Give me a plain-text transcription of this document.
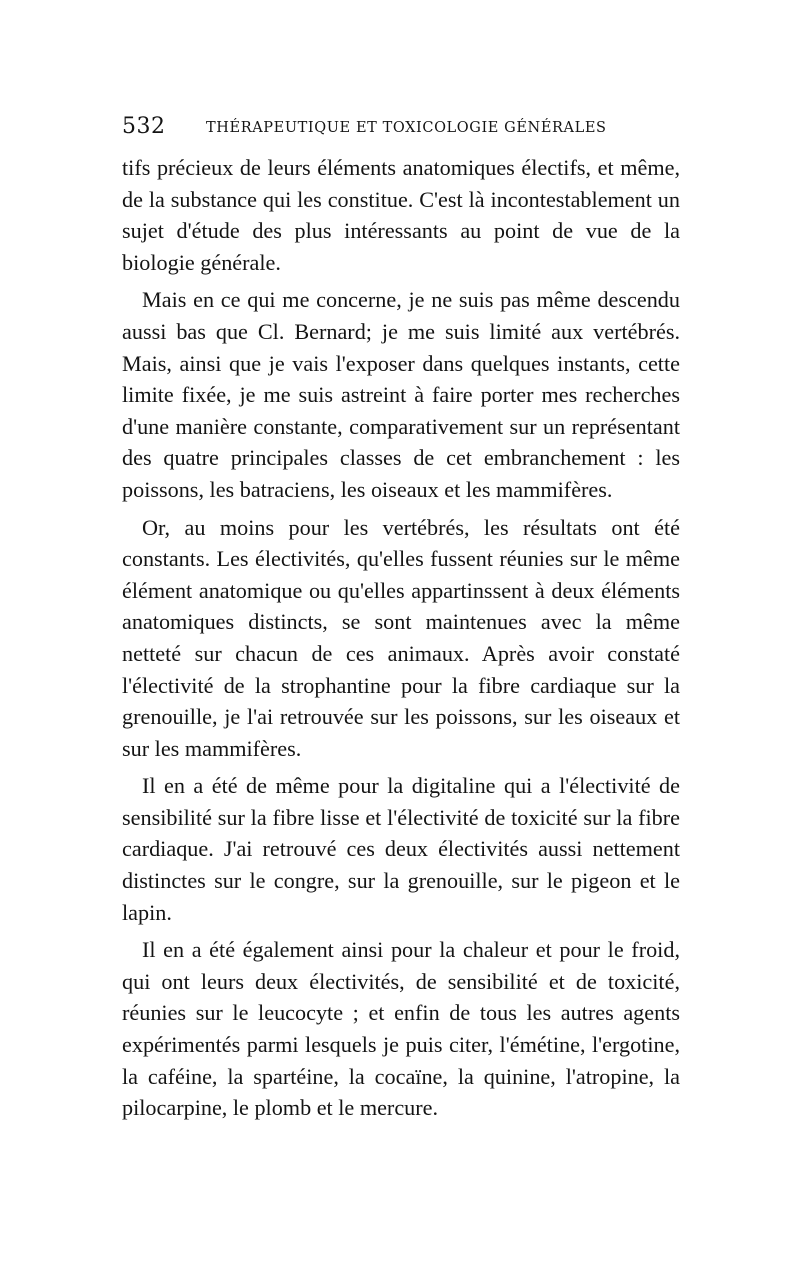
532	THÉRAPEUTIQUE ET TOXICOLOGIE GÉNÉRALES

tifs précieux de leurs éléments anatomiques électifs, et même, de la substance qui les constitue. C'est là incontestablement un sujet d'étude des plus intéressants au point de vue de la biologie générale.

Mais en ce qui me concerne, je ne suis pas même descendu aussi bas que Cl. Bernard; je me suis limité aux vertébrés. Mais, ainsi que je vais l'exposer dans quelques instants, cette limite fixée, je me suis astreint à faire porter mes recherches d'une manière constante, comparativement sur un représentant des quatre principales classes de cet embranchement : les poissons, les batraciens, les oiseaux et les mammifères.

Or, au moins pour les vertébrés, les résultats ont été constants. Les électivités, qu'elles fussent réunies sur le même élément anatomique ou qu'elles appartinssent à deux éléments anatomiques distincts, se sont maintenues avec la même netteté sur chacun de ces animaux. Après avoir constaté l'électivité de la strophantine pour la fibre cardiaque sur la grenouille, je l'ai retrouvée sur les poissons, sur les oiseaux et sur les mammifères.

Il en a été de même pour la digitaline qui a l'électivité de sensibilité sur la fibre lisse et l'électivité de toxicité sur la fibre cardiaque. J'ai retrouvé ces deux électivités aussi nettement distinctes sur le congre, sur la grenouille, sur le pigeon et le lapin.

Il en a été également ainsi pour la chaleur et pour le froid, qui ont leurs deux électivités, de sensibilité et de toxicité, réunies sur le leucocyte ; et enfin de tous les autres agents expérimentés parmi lesquels je puis citer, l'émétine, l'ergotine, la caféine, la spartéine, la cocaïne, la quinine, l'atropine, la pilocarpine, le plomb et le mercure.
